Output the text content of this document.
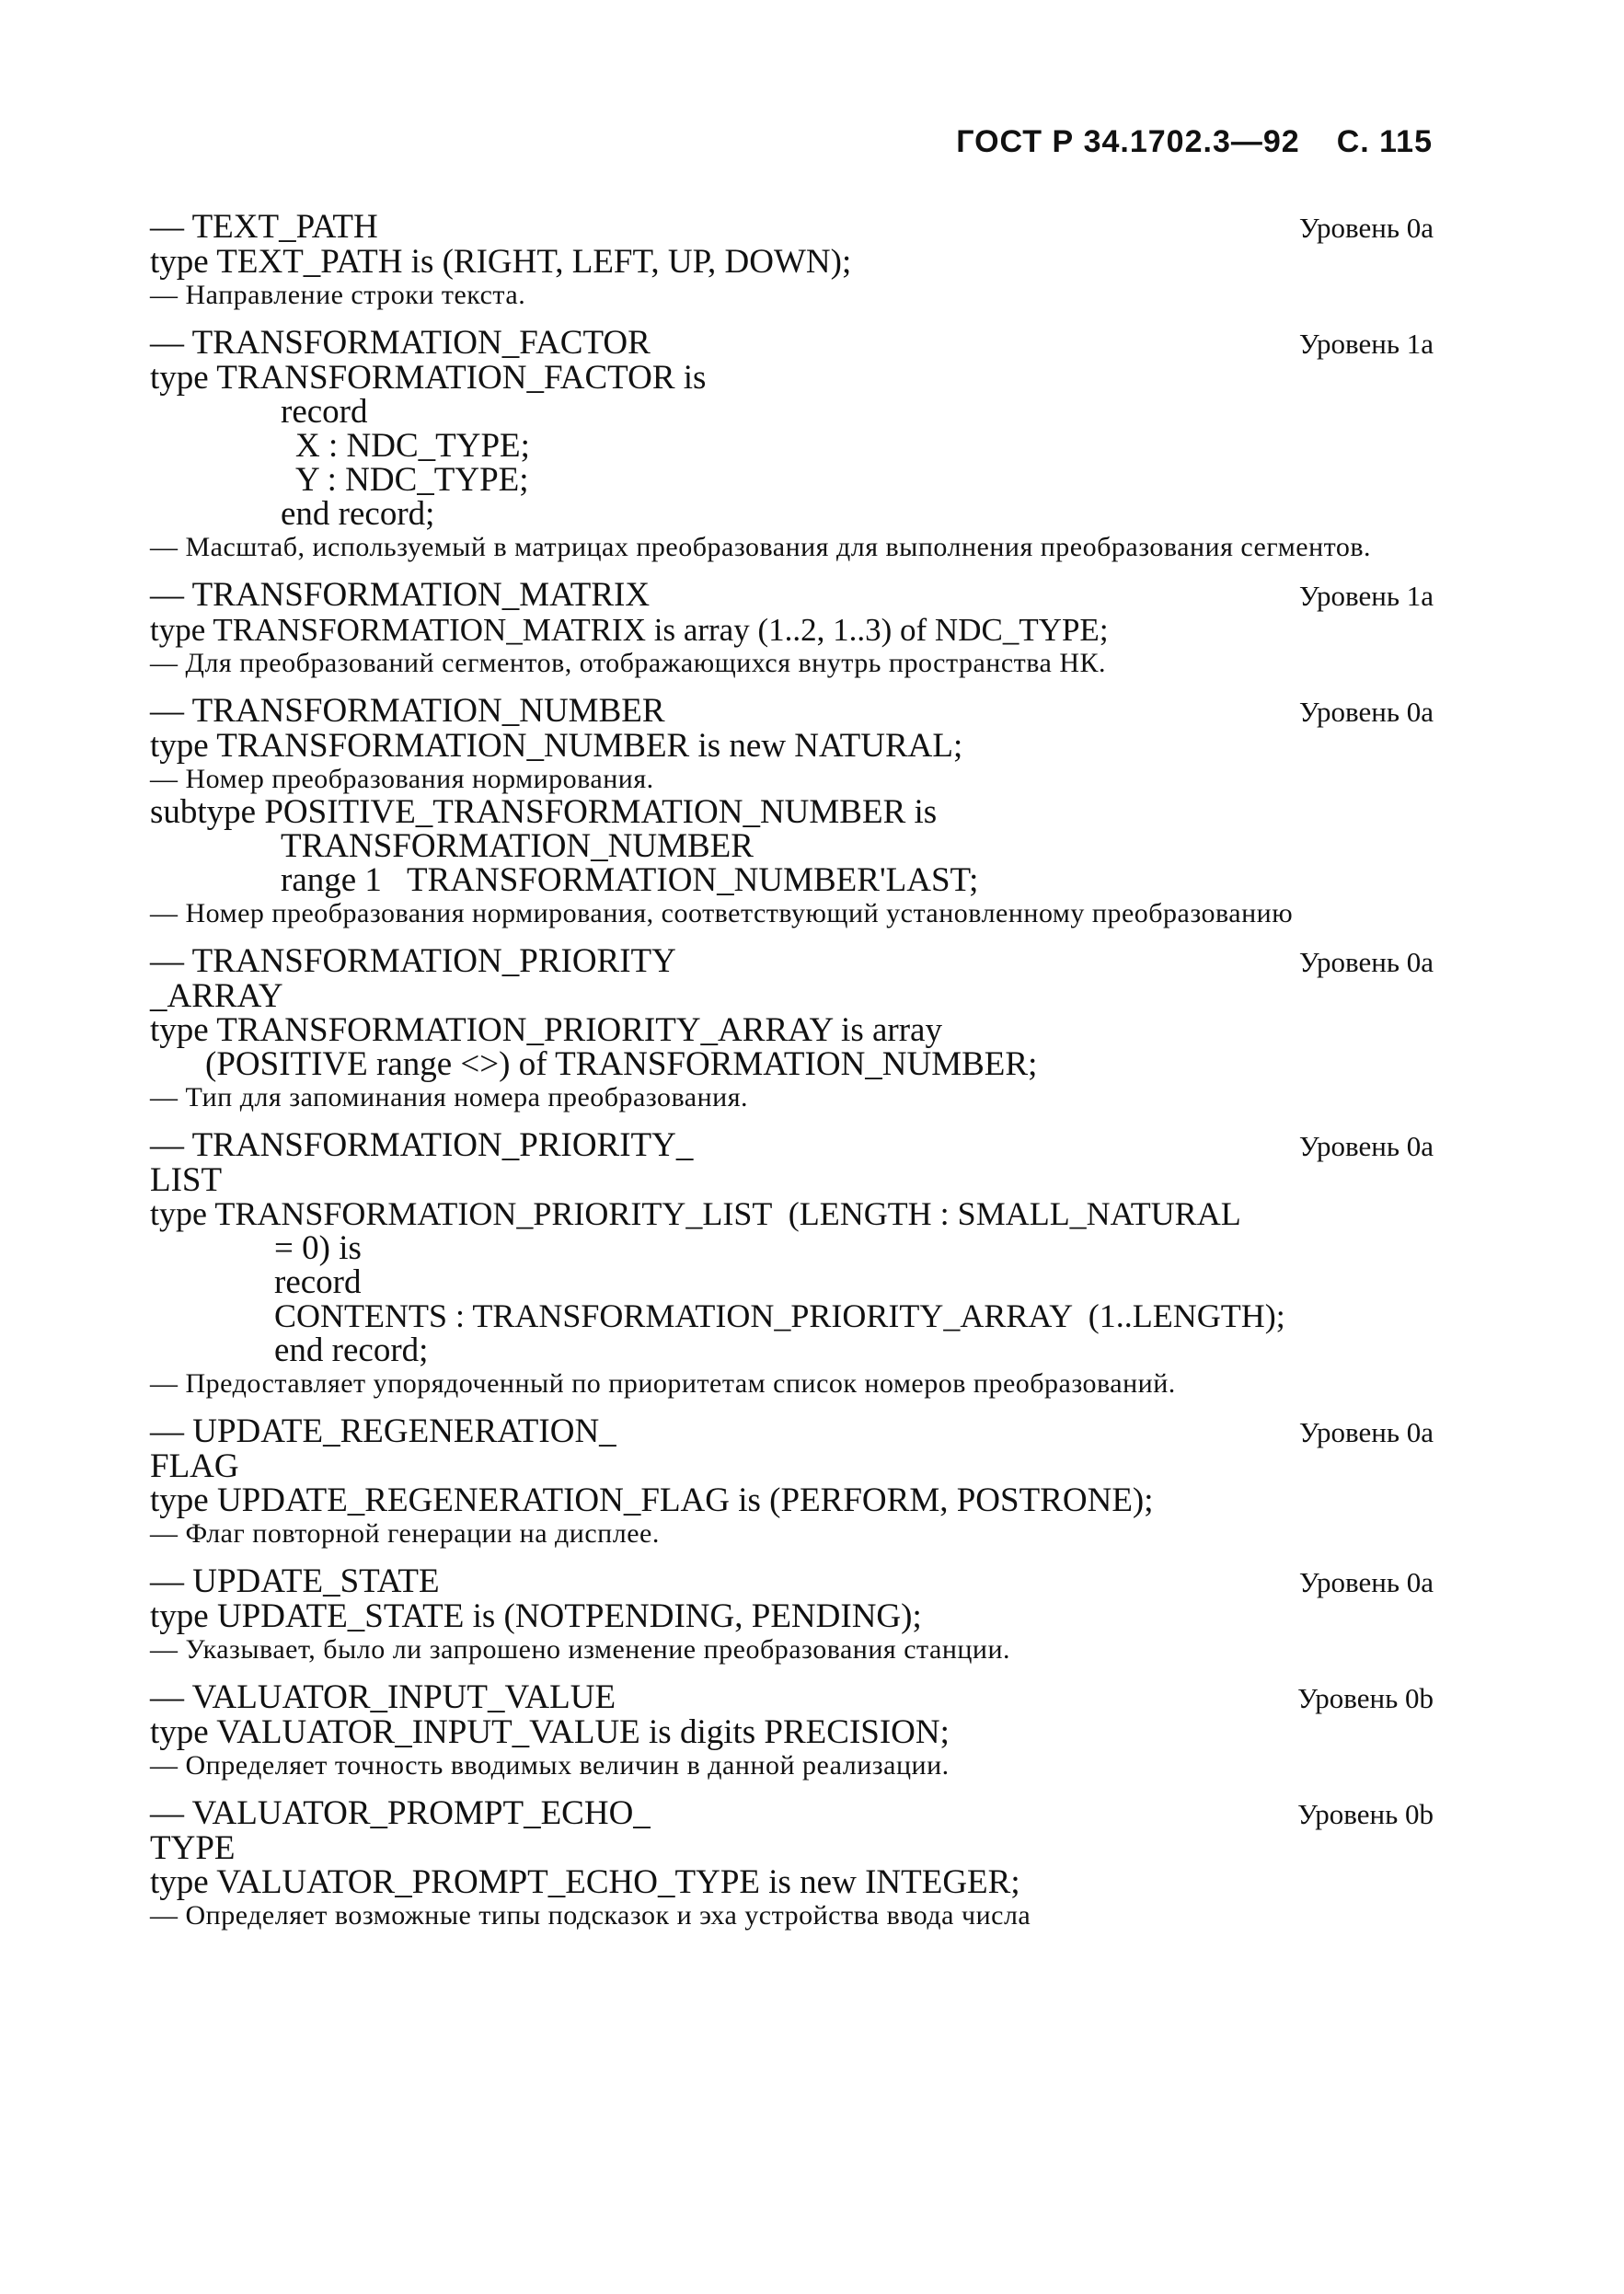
ГОСТ Р 34.1702.3—92 С. 115
— TEXT_PATH	Уровень 0a
type TEXT_PATH is (RIGHT, LEFT, UP, DOWN);
— Направление строки текста.
— TRANSFORMATION_FACTOR	Уровень 1a
type TRANSFORMATION_FACTOR is
record
X : NDC_TYPE;
Y : NDC_TYPE;
end record;
— Масштаб, используемый в матрицах преобразования для выполнения преобразования сегментов.
— TRANSFORMATION_MATRIX	Уровень 1a
type TRANSFORMATION_MATRIX is array (1..2, 1..3) of NDC_TYPE;
— Для преобразований сегментов, отображающихся внутрь пространства НК.
— TRANSFORMATION_NUMBER	Уровень 0a
type TRANSFORMATION_NUMBER is new NATURAL;
— Номер преобразования нормирования.
subtype POSITIVE_TRANSFORMATION_NUMBER is
TRANSFORMATION_NUMBER
range 1   TRANSFORMATION_NUMBER'LAST;
— Номер преобразования нормирования, соответствующий установленному преобразованию
— TRANSFORMATION_PRIORITY	Уровень 0a
_ARRAY
type TRANSFORMATION_PRIORITY_ARRAY is array
(POSITIVE range <>) of TRANSFORMATION_NUMBER;
— Тип для запоминания номера преобразования.
— TRANSFORMATION_PRIORITY_	Уровень 0a
LIST
type TRANSFORMATION_PRIORITY_LIST  (LENGTH : SMALL_NATURAL
= 0) is
record
CONTENTS : TRANSFORMATION_PRIORITY_ARRAY  (1..LENGTH);
end record;
— Предоставляет упорядоченный по приоритетам список номеров преобразований.
— UPDATE_REGENERATION_	Уровень 0a
FLAG
type UPDATE_REGENERATION_FLAG is (PERFORM, POSTRONE);
— Флаг повторной генерации на дисплее.
— UPDATE_STATE	Уровень 0a
type UPDATE_STATE is (NOTPENDING, PENDING);
— Указывает, было ли запрошено изменение преобразования станции.
— VALUATOR_INPUT_VALUE	Уровень 0b
type VALUATOR_INPUT_VALUE is digits PRECISION;
— Определяет точность вводимых величин в данной реализации.
— VALUATOR_PROMPT_ECHO_	Уровень 0b
TYPE
type VALUATOR_PROMPT_ECHO_TYPE is new INTEGER;
— Определяет возможные типы подсказок и эха устройства ввода числа
